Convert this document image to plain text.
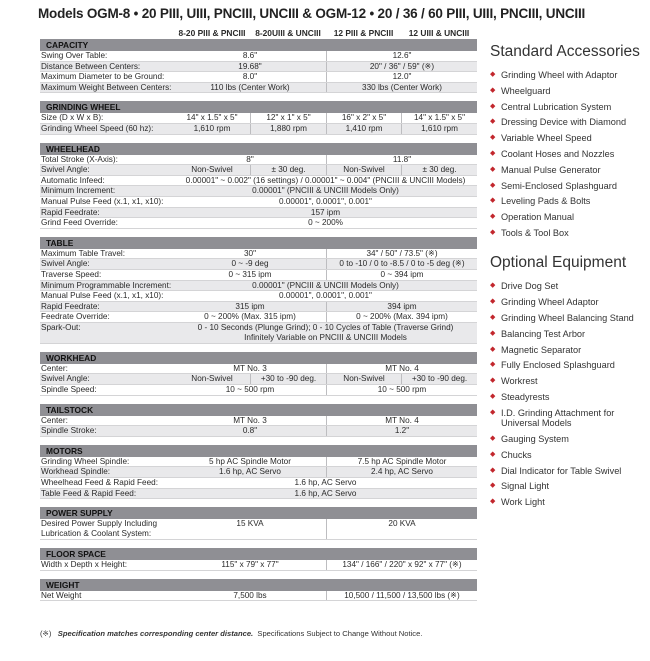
Models OGM-8 • 20 PIII, UIII, PNCIII, UNCIII & OGM-12 • 20 / 36 / 60 PIII, UIII, PNCIII, UNCIII
8-20 PIII & PNCIII	8-20UIII & UNCIII	12 PIII & PNCIII	12 UIII & UNCIII
CAPACITY
Swing Over Table:	8.6"	12.6"
Distance Between Centers:	19.68"	20" / 36" / 59" (※)
Maximum Diameter to be Ground:	8.0"	12.0"
Maximum Weight Between Centers:	110 lbs (Center Work)	330 lbs (Center Work)
GRINDING WHEEL
Size (D x W x B):	14" x 1.5" x 5"	12" x 1" x 5"	16" x 2" x 5"	14" x 1.5" x 5"
Grinding Wheel Speed (60 hz):	1,610 rpm	1,880 rpm	1,410 rpm	1,610 rpm
WHEELHEAD
Total Stroke (X-Axis):	8"	11.8"
Swivel Angle:	Non-Swivel	± 30 deg.	Non-Swivel	± 30 deg.
Automatic Infeed:	0.00001" ~ 0.002" (16 settings) / 0.00001" ~ 0.004" (PNCIII & UNCIII Models)
Minimum Increment:	0.00001" (PNCIII & UNCIII Models Only)
Manual Pulse Feed (x.1, x1, x10):	0.00001", 0.0001", 0.001"
Rapid Feedrate:	157 ipm
Grind Feed Override:	0 ~ 200%
TABLE
Maximum Table Travel:	30"	34" / 50" / 73.5" (※)
Swivel Angle:	0 ~ -9 deg	0 to -10 / 0 to -8.5 / 0 to -5 deg (※)
Traverse Speed:	0 ~ 315 ipm	0 ~ 394 ipm
Minimum Programmable Increment:	0.00001" (PNCIII & UNCIII Models Only)
Manual Pulse Feed (x.1, x1, x10):	0.00001", 0.0001", 0.001"
Rapid Feedrate:	315 ipm	394 ipm
Feedrate Override:	0 ~ 200% (Max. 315 ipm)	0 ~ 200% (Max. 394 ipm)
Spark-Out:	0 - 10 Seconds (Plunge Grind); 0 - 10 Cycles of Table (Traverse Grind)
Infinitely Variable on PNCIII & UNCIII Models
WORKHEAD
Center:	MT No. 3	MT No. 4
Swivel Angle:	Non-Swivel	+30 to -90 deg.	Non-Swivel	+30 to -90 deg.
Spindle Speed:	10 ~ 500 rpm	10 ~ 500 rpm
TAILSTOCK
Center:	MT No. 3	MT No. 4
Spindle Stroke:	0.8"	1.2"
MOTORS
Grinding Wheel Spindle:	5 hp AC Spindle Motor	7.5 hp AC Spindle Motor
Workhead Spindle:	1.6 hp, AC Servo	2.4 hp, AC Servo
Wheelhead Feed & Rapid Feed:	1.6 hp, AC Servo
Table Feed & Rapid Feed:	1.6 hp, AC Servo
POWER SUPPLY
Desired Power Supply Including Lubrication & Coolant System:
15 KVA	20 KVA
FLOOR SPACE
Width x Depth x Height:	115" x 79" x 77"	134" / 166" / 220" x 92" x 77" (※)
WEIGHT
Net Weight	7,500 lbs	10,500 / 11,500 / 13,500 lbs (※)
Standard Accessories
◆ Grinding Wheel with Adaptor
◆ Wheelguard
◆ Central Lubrication System
◆ Dressing Device with Diamond
◆ Variable Wheel Speed
◆ Coolant Hoses and Nozzles
◆ Manual Pulse Generator
◆ Semi-Enclosed Splashguard
◆ Leveling Pads & Bolts
◆ Operation Manual
◆ Tools & Tool Box
Optional Equipment
◆ Drive Dog Set
◆ Grinding Wheel Adaptor
◆ Grinding Wheel Balancing Stand
◆ Balancing Test Arbor
◆ Magnetic Separator
◆ Fully Enclosed Splashguard
◆ Workrest
◆ Steadyrests
◆ I.D. Grinding Attachment for Universal Models
◆ Gauging System
◆ Chucks
◆ Dial Indicator for Table Swivel
◆ Signal Light
◆ Work Light
(※) Specification matches corresponding center distance. Specifications Subject to Change Without Notice.
